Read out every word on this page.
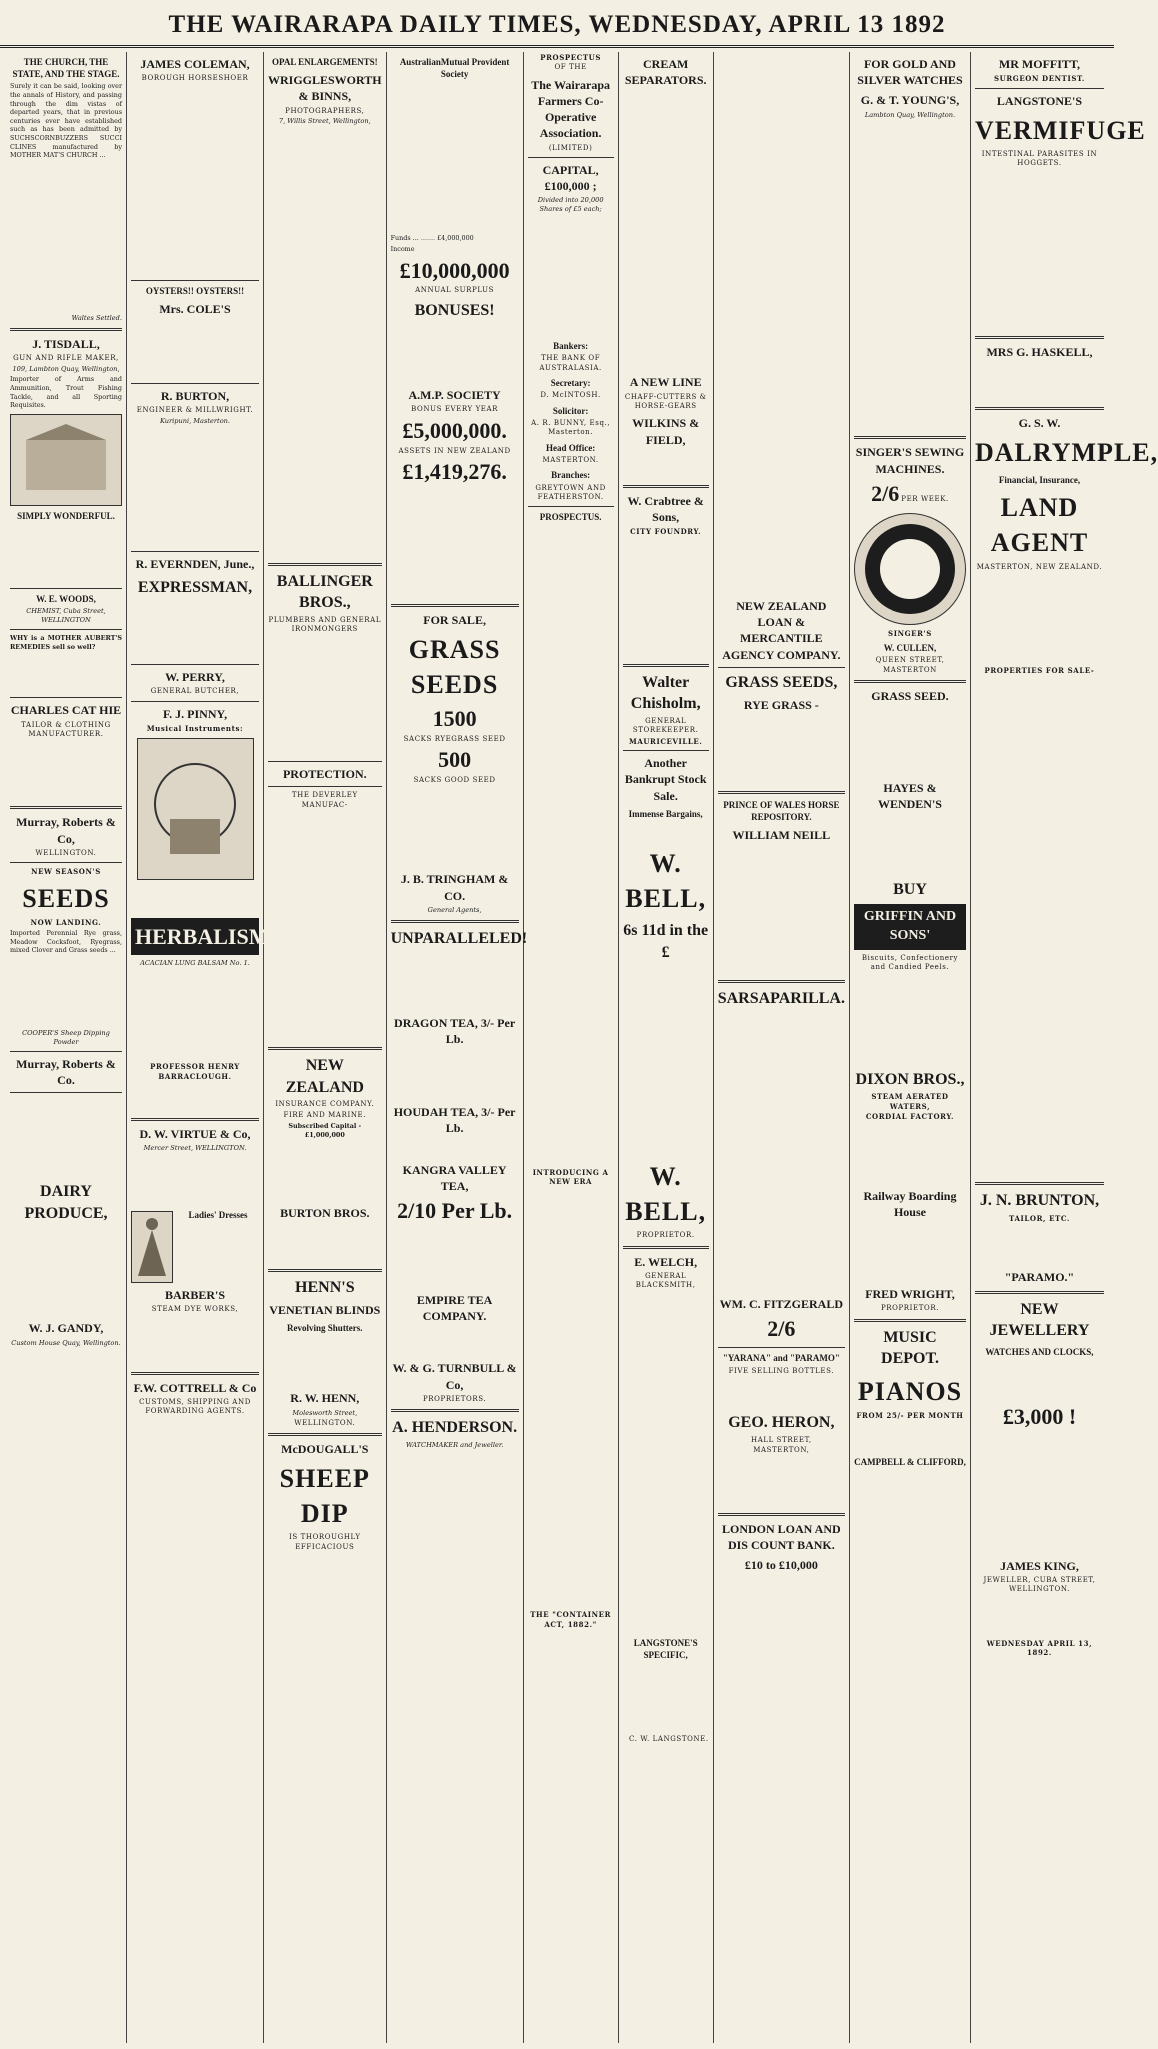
THE WAIRARAPA DAILY TIMES, WEDNESDAY, APRIL 13 1892
THE CHURCH, THE STATE, AND THE STAGE.
Surely it can be said, looking over the annals of History, and passing through the dim vistas of departed years, that in previous centuries ever have established such as has been admitted by SUCHSCORNBUZZERS SUCCI CLINES manufactured by MOTHER MAT'S CHURCH ...
Waltes Settled.
J. TISDALL,
GUN AND RIFLE MAKER,
109, Lambton Quay, Wellington,
Importer of Arms and Ammunition, Trout Fishing Tackle, and all Sporting Requisites.
SIMPLY WONDERFUL.
W. E. WOODS,
CHEMIST, Cuba Street, WELLINGTON
WHY is a MOTHER AUBERT'S REMEDIES sell so well?
CHARLES CAT HIE
TAILOR & CLOTHING MANUFACTURER.
Murray, Roberts & Co,
WELLINGTON.
NEW SEASON'S
SEEDS
NOW LANDING.
Imported Perennial Rye grass, Meadow Cocksfoot, Ryegrass, mixed Clover and Grass seeds ...
COOPER'S Sheep Dipping Powder
Murray, Roberts & Co.
DAIRY PRODUCE,
W. J. GANDY,
Custom House Quay, Wellington.
JAMES COLEMAN,
BOROUGH HORSESHOER
OYSTERS!! OYSTERS!!
Mrs. COLE'S
R. BURTON,
ENGINEER & MILLWRIGHT.
Kuripuni, Masterton.
R. EVERNDEN, June.,
EXPRESSMAN,
W. PERRY,
GENERAL BUTCHER,
F. J. PINNY,
Musical Instruments:
HERBALISM
ACACIAN LUNG BALSAM No. 1.
PROFESSOR HENRY BARRACLOUGH.
D. W. VIRTUE & Co,
Mercer Street, WELLINGTON.
Ladies' Dresses
BARBER'S
STEAM DYE WORKS,
F.W. COTTRELL & Co
CUSTOMS, SHIPPING AND FORWARDING AGENTS.
OPAL ENLARGEMENTS!
WRIGGLESWORTH & BINNS,
PHOTOGRAPHERS,
7, Willis Street, Wellington,
BALLINGER BROS.,
PLUMBERS AND GENERAL IRONMONGERS
PROTECTION.
THE DEVERLEY MANUFAC-
NEW ZEALAND
INSURANCE COMPANY.
FIRE AND MARINE.
Subscribed Capital - £1,000,000
BURTON BROS.
HENN'S
VENETIAN BLINDS
Revolving Shutters.
R. W. HENN,
Molesworth Street,
WELLINGTON.
McDOUGALL'S
SHEEP DIP
IS THOROUGHLY EFFICACIOUS
AustralianMutual Provident Society
Funds ... ....... £4,000,000
Income
£10,000,000
ANNUAL SURPLUS
BONUSES!
A.M.P. SOCIETY
BONUS EVERY YEAR
£5,000,000.
ASSETS IN NEW ZEALAND
£1,419,276.
FOR SALE,
GRASS SEEDS
1500
SACKS RYEGRASS SEED
500
SACKS GOOD SEED
J. B. TRINGHAM & CO.
General Agents,
UNPARALLELED!
DRAGON TEA, 3/- Per Lb.
HOUDAH TEA, 3/- Per Lb.
KANGRA VALLEY TEA,
2/10 Per Lb.
EMPIRE TEA COMPANY.
W. & G. TURNBULL & Co,
PROPRIETORS.
A. HENDERSON.
WATCHMAKER and Jeweller.
PROSPECTUS
OF THE
The Wairarapa Farmers Co-Operative Association.
(LIMITED)
CAPITAL, £100,000 ;
Divided into 20,000 Shares of £5 each;
Bankers:
THE BANK OF AUSTRALASIA.
Secretary:
D. McINTOSH.
Solicitor:
A. R. BUNNY, Esq., Masterton.
Head Office:
MASTERTON.
Branches:
GREYTOWN AND FEATHERSTON.
PROSPECTUS.
INTRODUCING A NEW ERA
THE "CONTAINER ACT, 1882."
CREAM SEPARATORS.
A NEW LINE
CHAFF-CUTTERS & HORSE-GEARS
WILKINS & FIELD,
W. Crabtree & Sons,
CITY FOUNDRY.
Walter Chisholm,
GENERAL STOREKEEPER.
MAURICEVILLE.
Another Bankrupt Stock Sale.
Immense Bargains,
W. BELL,
6s 11d in the £
W. BELL,
PROPRIETOR.
E. WELCH,
GENERAL BLACKSMITH,
LANGSTONE'S SPECIFIC,
C. W. LANGSTONE.
NEW ZEALAND LOAN & MERCANTILE AGENCY COMPANY.
GRASS SEEDS,
RYE GRASS -
PRINCE OF WALES HORSE REPOSITORY.
WILLIAM NEILL
SARSAPARILLA.
WM. C. FITZGERALD
2/6
"YARANA" and "PARAMO"
FIVE SELLING BOTTLES.
GEO. HERON,
HALL STREET,
MASTERTON,
LONDON LOAN AND DIS COUNT BANK.
£10 to £10,000
FOR GOLD AND SILVER WATCHES
G. & T. YOUNG'S,
Lambton Quay, Wellington.
SINGER'S SEWING MACHINES.
2/6 PER WEEK.
SINGER'S
W. CULLEN,
QUEEN STREET, MASTERTON
GRASS SEED.
HAYES & WENDEN'S
BUY
GRIFFIN AND SONS'
Biscuits, Confectionery and Candied Peels.
DIXON BROS.,
STEAM AERATED WATERS,
CORDIAL FACTORY.
Railway Boarding House
FRED WRIGHT,
PROPRIETOR.
MUSIC DEPOT.
PIANOS
FROM 25/- PER MONTH
CAMPBELL & CLIFFORD,
MR MOFFITT,
SURGEON DENTIST.
LANGSTONE'S
VERMIFUGE
INTESTINAL PARASITES IN HOGGETS.
MRS G. HASKELL,
G. S. W.
DALRYMPLE,
Financial, Insurance,
LAND AGENT
MASTERTON, NEW ZEALAND.
PROPERTIES FOR SALE-
J. N. BRUNTON,
TAILOR, ETC.
"PARAMO."
NEW JEWELLERY
WATCHES AND CLOCKS,
£3,000 !
JAMES KING,
JEWELLER, CUBA STREET, WELLINGTON.
WEDNESDAY APRIL 13, 1892.
